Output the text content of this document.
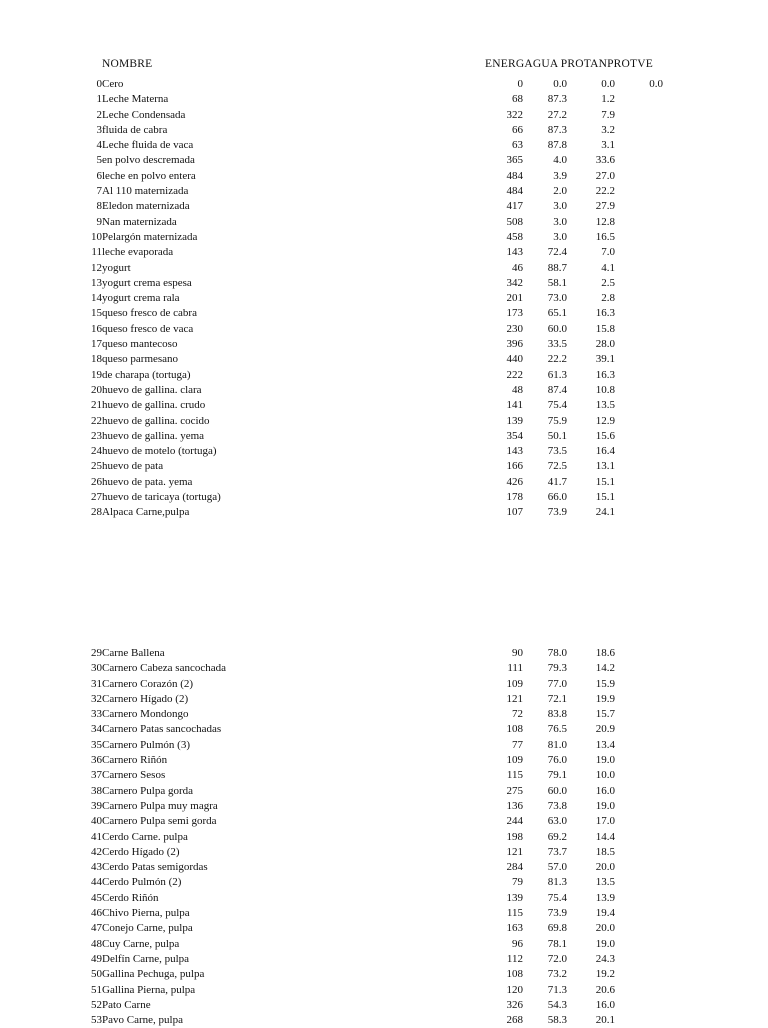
NOMBRE	ENERGAGUA PROTANPROTVE
0 Cero	0	0.0	0.0	0.0
1 Leche Materna	68	87.3	1.2
2 Leche Condensada	322	27.2	7.9
3 fluida de cabra	66	87.3	3.2
4 Leche fluida de vaca	63	87.8	3.1
5 en polvo descremada	365	4.0	33.6
6 leche en polvo entera	484	3.9	27.0
7 Al 110 maternizada	484	2.0	22.2
8 Eledon maternizada	417	3.0	27.9
9 Nan maternizada	508	3.0	12.8
10 Pelargón maternizada	458	3.0	16.5
11 leche evaporada	143	72.4	7.0
12 yogurt	46	88.7	4.1
13 yogurt crema espesa	342	58.1	2.5
14 yogurt crema rala	201	73.0	2.8
15 queso fresco de cabra	173	65.1	16.3
16 queso fresco de vaca	230	60.0	15.8
17 queso mantecoso	396	33.5	28.0
18 queso parmesano	440	22.2	39.1
19 de charapa (tortuga)	222	61.3	16.3
20 huevo de gallina. clara	48	87.4	10.8
21 huevo de gallina. crudo	141	75.4	13.5
22 huevo de gallina. cocido	139	75.9	12.9
23 huevo de gallina. yema	354	50.1	15.6
24 huevo de motelo (tortuga)	143	73.5	16.4
25 huevo de pata	166	72.5	13.1
26 huevo de pata. yema	426	41.7	15.1
27 huevo de taricaya (tortuga)	178	66.0	15.1
28 Alpaca Carne,pulpa	107	73.9	24.1
29 Carne Ballena	90	78.0	18.6
30 Carnero Cabeza sancochada	111	79.3	14.2
31 Carnero Corazón (2)	109	77.0	15.9
32 Carnero Hígado (2)	121	72.1	19.9
33 Carnero Mondongo	72	83.8	15.7
34 Carnero Patas sancochadas	108	76.5	20.9
35 Carnero Pulmón (3)	77	81.0	13.4
36 Carnero Riñón	109	76.0	19.0
37 Carnero Sesos	115	79.1	10.0
38 Carnero Pulpa gorda	275	60.0	16.0
39 Carnero Pulpa muy magra	136	73.8	19.0
40 Carnero Pulpa semi gorda	244	63.0	17.0
41 Cerdo Carne. pulpa	198	69.2	14.4
42 Cerdo Hígado (2)	121	73.7	18.5
43 Cerdo Patas semigordas	284	57.0	20.0
44 Cerdo Pulmón (2)	79	81.3	13.5
45 Cerdo Riñón	139	75.4	13.9
46 Chivo Pierna, pulpa	115	73.9	19.4
47 Conejo Carne, pulpa	163	69.8	20.0
48 Cuy Carne, pulpa	96	78.1	19.0
49 Delfín Carne, pulpa	112	72.0	24.3
50 Gallina Pechuga, pulpa	108	73.2	19.2
51 Gallina Pierna, pulpa	120	71.3	20.6
52 Pato Carne	326	54.3	16.0
53 Pavo Carne, pulpa	268	58.3	20.1
